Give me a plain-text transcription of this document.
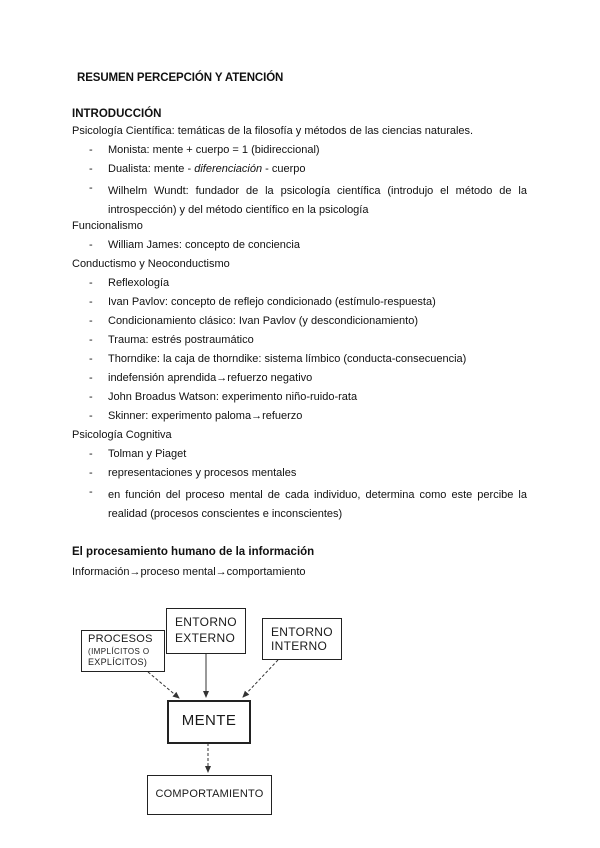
RESUMEN PERCEPCIÓN Y ATENCIÓN
INTRODUCCIÓN
Psicología Científica: temáticas de la filosofía y métodos de las ciencias naturales.
- Monista: mente + cuerpo = 1 (bidireccional)
- Dualista: mente - diferenciación - cuerpo
- Wilhelm Wundt: fundador de la psicología científica (introdujo el método de la introspección) y del método científico en la psicología
Funcionalismo
- William James: concepto de conciencia
Conductismo y Neoconductismo
- Reflexología
- Ivan Pavlov: concepto de reflejo condicionado (estímulo-respuesta)
- Condicionamiento clásico: Ivan Pavlov (y descondicionamiento)
- Trauma: estrés postraumático
- Thorndike: la caja de thorndike: sistema límbico (conducta-consecuencia)
- indefensión aprendida→refuerzo negativo
- John Broadus Watson: experimento niño-ruido-rata
- Skinner: experimento paloma→refuerzo
Psicología Cognitiva
- Tolman y Piaget
- representaciones y procesos mentales
- en función del proceso mental de cada individuo, determina como este percibe la realidad (procesos conscientes e inconscientes)
El procesamiento humano de la información
Información→proceso mental→comportamiento
PROCESOS
(IMPLÍCITOS O
EXPLÍCITOS)
ENTORNO
EXTERNO	ENTORNO
INTERNO
MENTE
COMPORTAMIENTO
